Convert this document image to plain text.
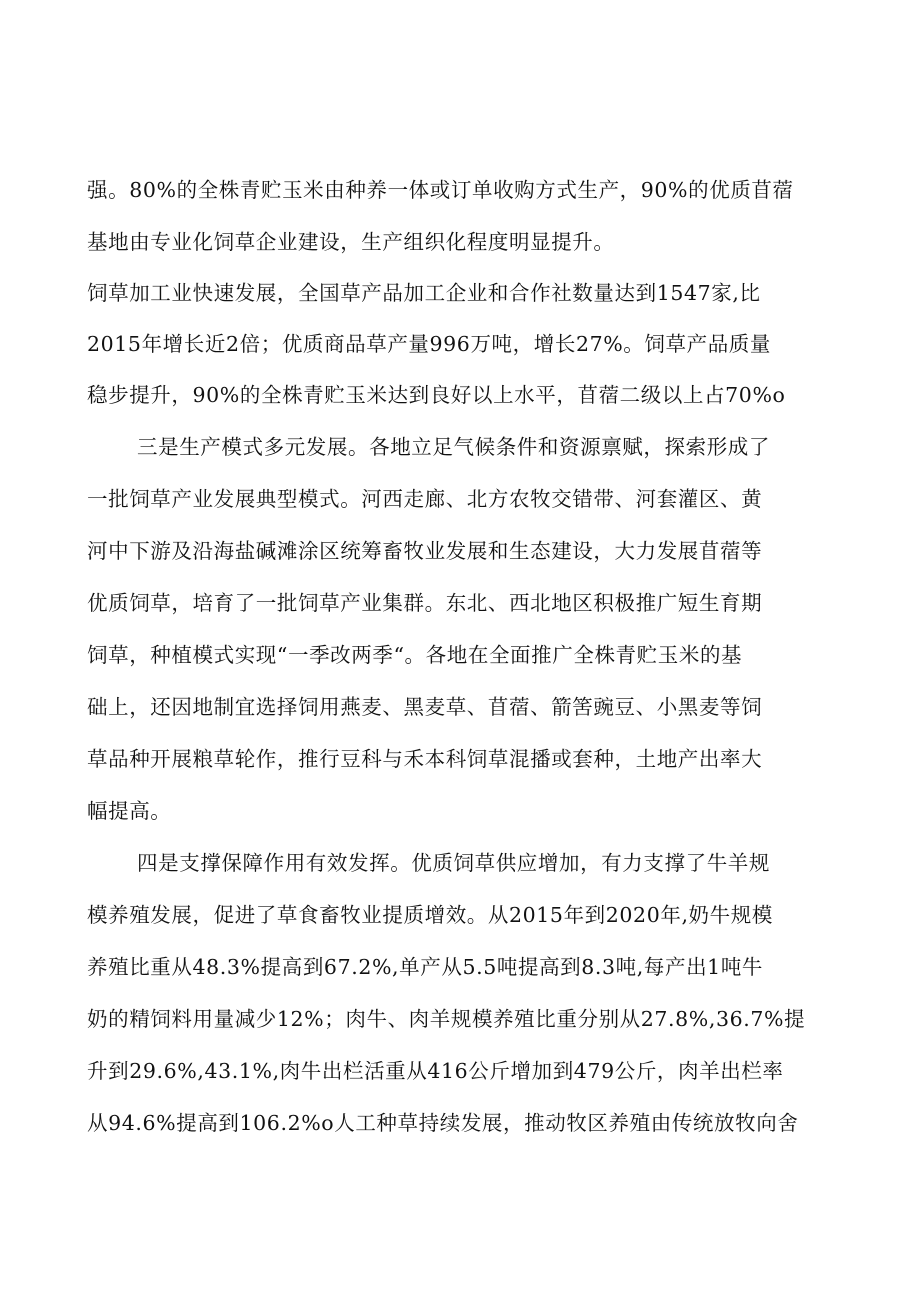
强。80%的全株青贮玉米由种养一体或订单收购方式生产，90%的优质苜蓿
基地由专业化饲草企业建设，生产组织化程度明显提升。
饲草加工业快速发展，全国草产品加工企业和合作社数量达到1547家,比
2015年增长近2倍；优质商品草产量996万吨，增长27%。饲草产品质量
稳步提升，90%的全株青贮玉米达到良好以上水平，苜蓿二级以上占70%o
三是生产模式多元发展。各地立足气候条件和资源禀赋，探索形成了
一批饲草产业发展典型模式。河西走廊、北方农牧交错带、河套灌区、黄
河中下游及沿海盐碱滩涂区统筹畜牧业发展和生态建设，大力发展苜蓿等
优质饲草，培育了一批饲草产业集群。东北、西北地区积极推广短生育期
饲草，种植模式实现“一季改两季“。各地在全面推广全株青贮玉米的基
础上，还因地制宜选择饲用燕麦、黑麦草、苜蓿、箭筈豌豆、小黑麦等饲
草品种开展粮草轮作，推行豆科与禾本科饲草混播或套种，土地产出率大
幅提高。
四是支撑保障作用有效发挥。优质饲草供应增加，有力支撑了牛羊规
模养殖发展，促进了草食畜牧业提质增效。从2015年到2020年,奶牛规模
养殖比重从48.3%提高到67.2%,单产从5.5吨提高到8.3吨,每产出1吨牛
奶的精饲料用量减少12%；肉牛、肉羊规模养殖比重分别从27.8%,36.7%提
升到29.6%,43.1%,肉牛出栏活重从416公斤增加到479公斤，肉羊出栏率
从94.6%提高到106.2%o人工种草持续发展，推动牧区养殖由传统放牧向舍
